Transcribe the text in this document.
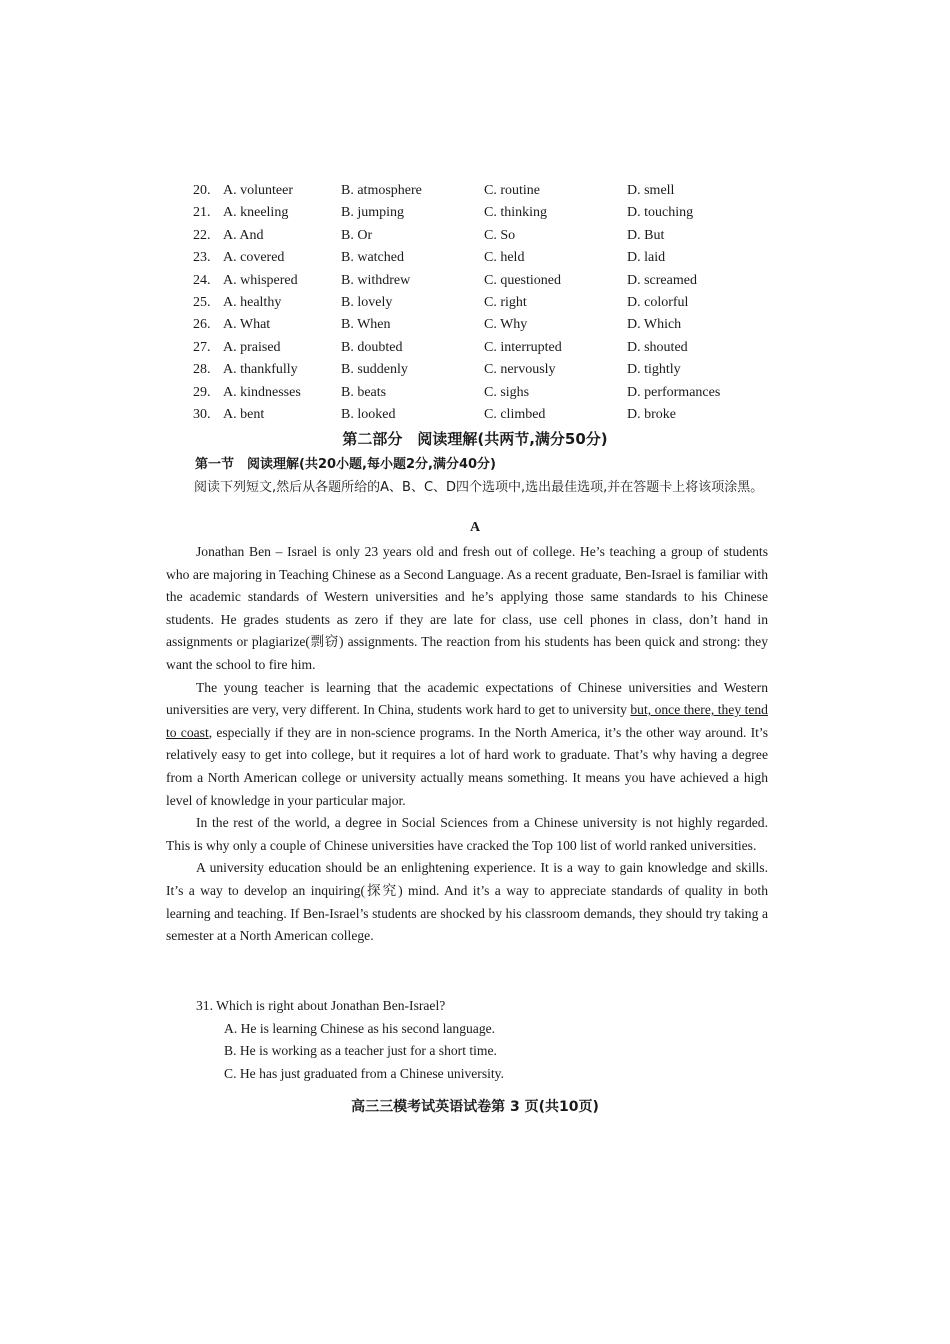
20. A. volunteer	B. atmosphere	C. routine	D. smell
21. A. kneeling	B. jumping	C. thinking	D. touching
22. A. And	B. Or	C. So	D. But
23. A. covered	B. watched	C. held	D. laid
24. A. whispered	B. withdrew	C. questioned	D. screamed
25. A. healthy	B. lovely	C. right	D. colorful
26. A. What	B. When	C. Why	D. Which
27. A. praised	B. doubted	C. interrupted	D. shouted
28. A. thankfully	B. suddenly	C. nervously	D. tightly
29. A. kindnesses	B. beats	C. sighs	D. performances
30. A. bent	B. looked	C. climbed	D. broke
第二部分　阅读理解(共两节,满分50分)
第一节　阅读理解(共20小题,每小题2分,满分40分)

阅读下列短文,然后从各题所给的A、B、C、D四个选项中,选出最佳选项,并在答题卡上将该项涂黑。

A

Jonathan Ben – Israel is only 23 years old and fresh out of college. He’s teaching a group of students who are majoring in Teaching Chinese as a Second Language. As a recent graduate, Ben-Israel is familiar with the academic standards of Western universities and he’s applying those same standards to his Chinese students. He grades students as zero if they are late for class, use cell phones in class, don’t hand in assignments or plagiarize(剽窃) assignments. The reaction from his students has been quick and strong: they want the school to fire him.

The young teacher is learning that the academic expectations of Chinese universities and Western universities are very, very different. In China, students work hard to get to university but, once there, they tend to coast, especially if they are in non-science programs. In the North America, it’s the other way around. It’s relatively easy to get into college, but it requires a lot of hard work to graduate. That’s why having a degree from a North American college or university actually means something. It means you have achieved a high level of knowledge in your particular major.

In the rest of the world, a degree in Social Sciences from a Chinese university is not highly regarded. This is why only a couple of Chinese universities have cracked the Top 100 list of world ranked universities.

A university education should be an enlightening experience. It is a way to gain knowledge and skills. It’s a way to develop an inquiring(探究) mind. And it’s a way to appreciate standards of quality in both learning and teaching. If Ben-Israel’s students are shocked by his classroom demands, they should try taking a semester at a North American college.

31. Which is right about Jonathan Ben-Israel?
A. He is learning Chinese as his second language.
B. He is working as a teacher just for a short time.
C. He has just graduated from a Chinese university.
高三三模考试英语试卷第 3 页(共10页)
